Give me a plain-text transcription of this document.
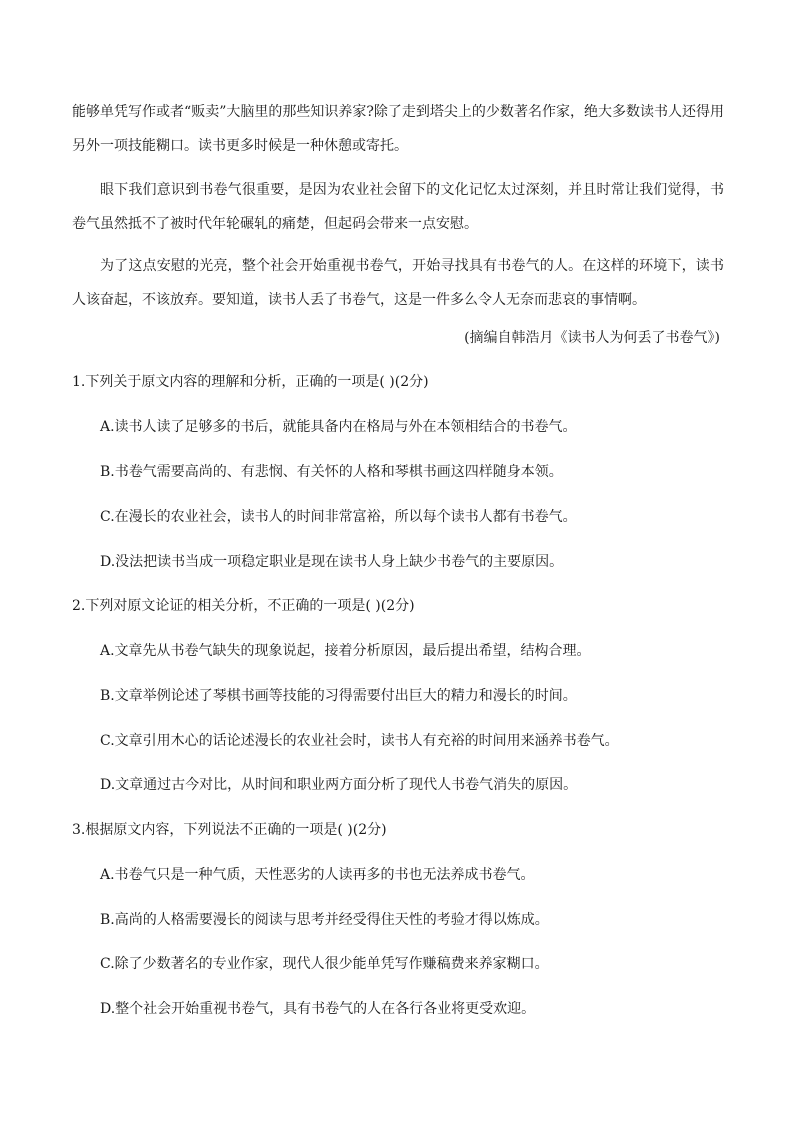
能够单凭写作或者“贩卖”大脑里的那些知识养家?除了走到塔尖上的少数著名作家，绝大多数读书人还得用另外一项技能糊口。读书更多时候是一种休憩或寄托。

眼下我们意识到书卷气很重要，是因为农业社会留下的文化记忆太过深刻，并且时常让我们觉得，书卷气虽然抵不了被时代年轮碾轧的痛楚，但起码会带来一点安慰。

为了这点安慰的光亮，整个社会开始重视书卷气，开始寻找具有书卷气的人。在这样的环境下，读书人该奋起，不该放弃。要知道，读书人丢了书卷气，这是一件多么令人无奈而悲哀的事情啊。

(摘编自韩浩月《读书人为何丢了书卷气》)

1.下列关于原文内容的理解和分析，正确的一项是( )(2分)

A.读书人读了足够多的书后，就能具备内在格局与外在本领相结合的书卷气。

B.书卷气需要高尚的、有悲悯、有关怀的人格和琴棋书画这四样随身本领。

C.在漫长的农业社会，读书人的时间非常富裕，所以每个读书人都有书卷气。

D.没法把读书当成一项稳定职业是现在读书人身上缺少书卷气的主要原因。

2.下列对原文论证的相关分析，不正确的一项是( )(2分)

A.文章先从书卷气缺失的现象说起，接着分析原因，最后提出希望，结构合理。

B.文章举例论述了琴棋书画等技能的习得需要付出巨大的精力和漫长的时间。

C.文章引用木心的话论述漫长的农业社会时，读书人有充裕的时间用来涵养书卷气。

D.文章通过古今对比，从时间和职业两方面分析了现代人书卷气消失的原因。

3.根据原文内容，下列说法不正确的一项是( )(2分)

A.书卷气只是一种气质，天性恶劣的人读再多的书也无法养成书卷气。

B.高尚的人格需要漫长的阅读与思考并经受得住天性的考验才得以炼成。

C.除了少数著名的专业作家，现代人很少能单凭写作赚稿费来养家糊口。

D.整个社会开始重视书卷气，具有书卷气的人在各行各业将更受欢迎。
